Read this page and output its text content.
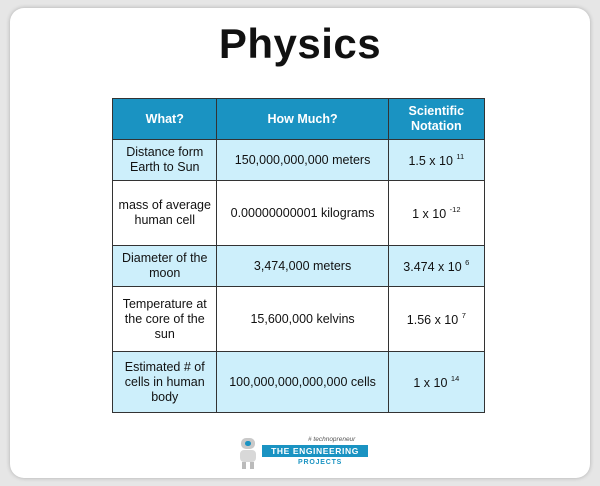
Physics
What?	How Much?	Scientific Notation
Distance form Earth to Sun	150,000,000,000 meters	1.5 x 10 $^{11}$
mass of average human cell	0.00000000001 kilograms	1 x 10 $^{-12}$
Diameter of the moon	3,474,000 meters	3.474 x 10 $^6$
Temperature at the core of the sun	15,600,000 kelvins	1.56 x 10 $^7$
Estimated # of cells in human body	100,000,000,000,000 cells	1 x 10 $^{14}$
# technopreneur
THE ENGINEERING
PROJECTS
